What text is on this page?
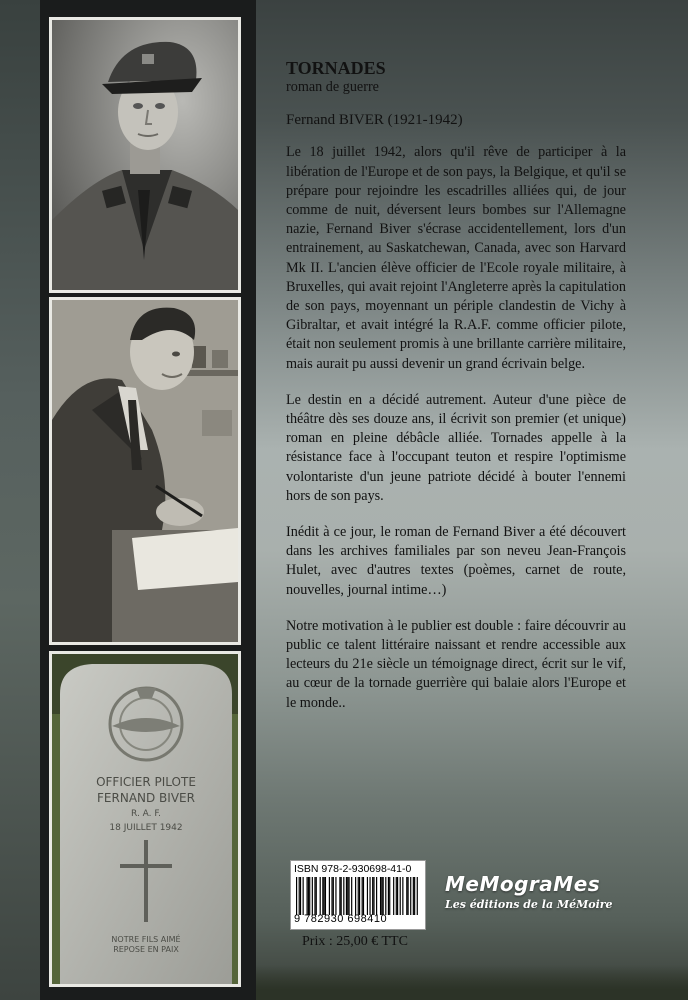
OFFICIER PILOTE
FERNAND BIVER
R. A. F.
18 JUILLET 1942
NOTRE FILS AIMÉ
REPOSE EN PAIX

TORNADES

roman de guerre

Fernand BIVER (1921-1942)

Le 18 juillet 1942, alors qu'il rêve de participer à la libération de l'Europe et de son pays, la Belgique, et qu'il se prépare pour rejoindre les escadrilles alliées qui, de jour comme de nuit, déversent leurs bombes sur l'Allemagne nazie, Fernand Biver s'écrase accidentellement, lors d'un entrainement, au Saskatchewan, Canada, avec son Harvard Mk II. L'ancien élève officier de l'Ecole royale militaire, à Bruxelles, qui avait rejoint l'Angleterre après la capitulation de son pays, moyennant un périple clandestin de Vichy à Gibraltar, et avait intégré la R.A.F. comme officier pilote, était non seulement promis à une brillante carrière militaire, mais aurait pu aussi devenir un grand écrivain belge.

Le destin en a décidé autrement. Auteur d'une pièce de théâtre dès ses douze ans, il écrivit son premier (et unique) roman en pleine débâcle alliée. Tornades appelle à la résistance face à l'occupant teuton et respire l'optimisme volontariste d'un jeune patriote décidé à bouter l'ennemi hors de son pays.

Inédit à ce jour, le roman de Fernand Biver a été découvert dans les archives familiales par son neveu Jean-François Hulet, avec d'autres textes (poèmes, carnet de route, nouvelles, journal intime…)

Notre motivation à le publier est double : faire découvrir au public ce talent littéraire naissant et rendre accessible aux lecteurs du 21e siècle un témoignage direct, écrit sur le vif, au cœur de la tornade guerrière qui balaie alors l'Europe et le monde..

ISBN 978-2-930698-41-0
9 782930 698410
Prix : 25,00 € TTC
MeMograMes
Les éditions de la MéMoire
